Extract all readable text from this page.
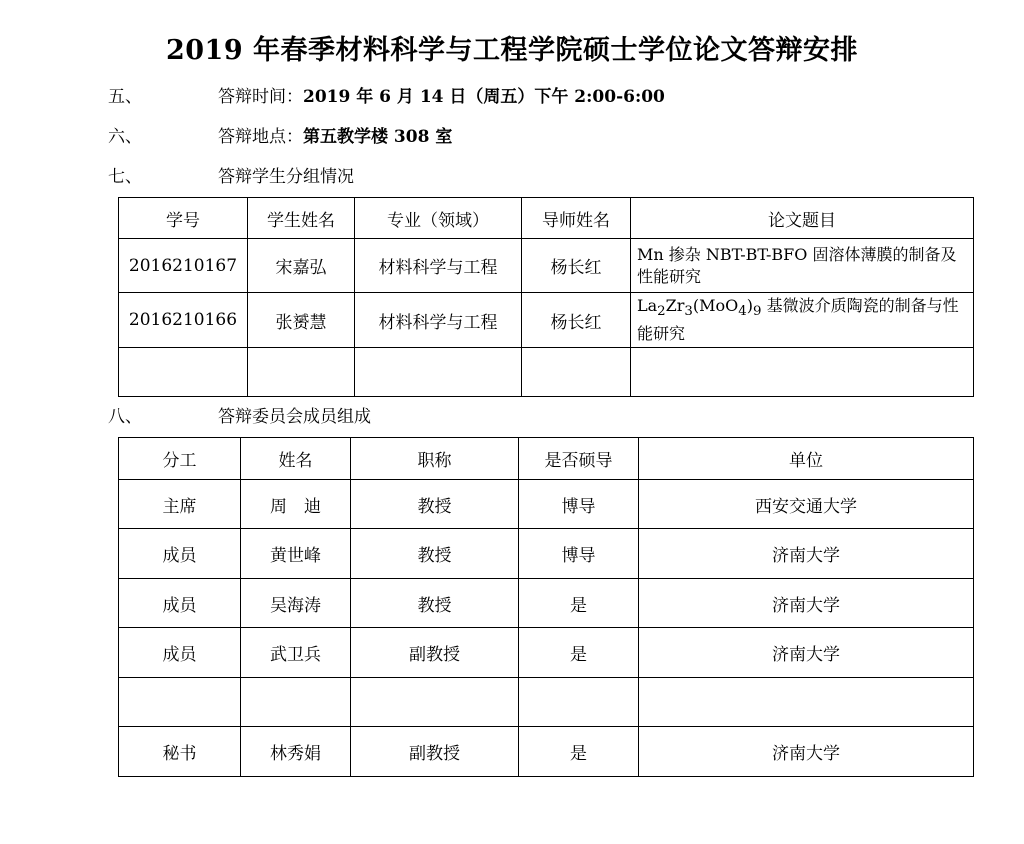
2019 年春季材料科学与工程学院硕士学位论文答辩安排
五、	答辩时间：2019 年 6 月 14 日（周五）下午 2:00-6:00
六、	答辩地点：第五教学楼 308 室
七、	答辩学生分组情况
学号	学生姓名	专业（领域）	导师姓名	论文题目
2016210167	宋嘉弘	材料科学与工程	杨长红	Mn 掺杂 NBT-BT-BFO 固溶体薄膜的制备及性能研究
2016210166	张赟慧	材料科学与工程	杨长红	$La_2Zr_3(MoO_4)_9$ 基微波介质陶瓷的制备与性能研究

八、	答辩委员会成员组成
分工	姓名	职称	是否硕导	单位
主席	周　迪	教授	博导	西安交通大学
成员	黄世峰	教授	博导	济南大学
成员	吴海涛	教授	是	济南大学
成员	武卫兵	副教授	是	济南大学

秘书	林秀娟	副教授	是	济南大学
